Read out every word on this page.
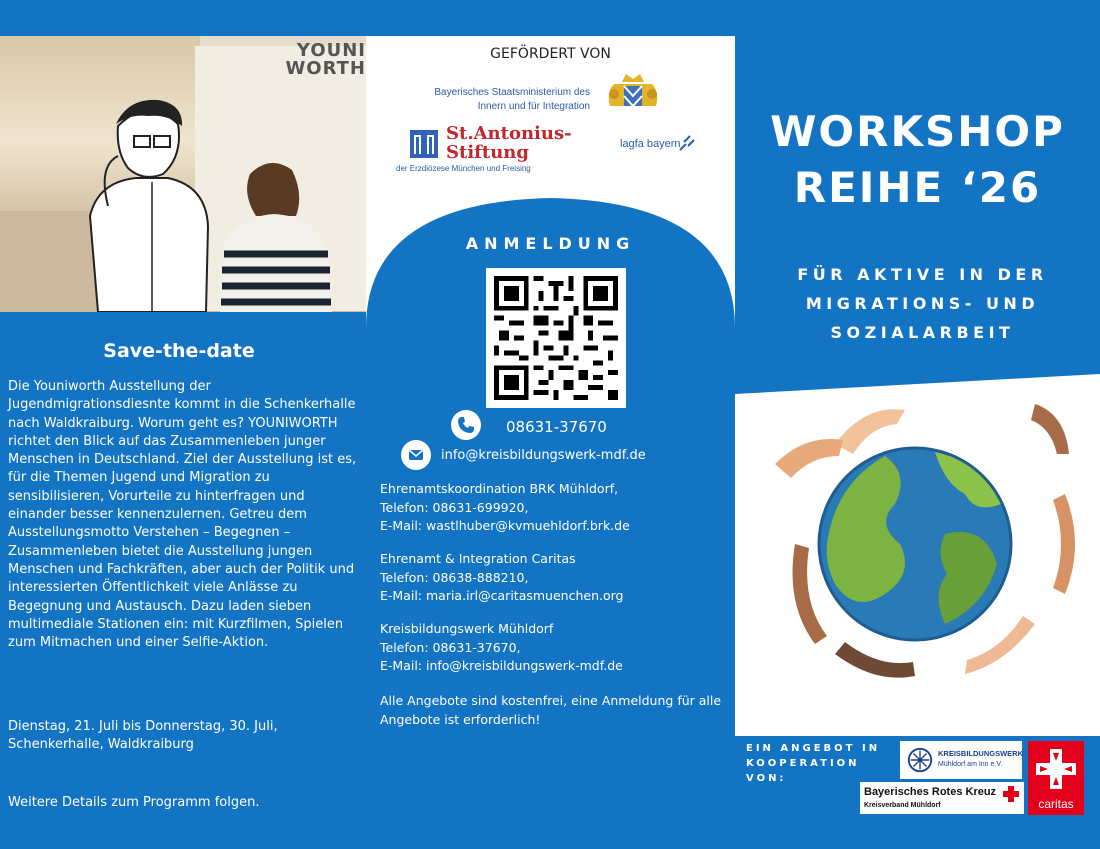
YOUNI WORTH
Save-the-date
Die Youniworth Ausstellung der Jugendmigrationsdiesnte kommt in die Schenkerhalle nach Waldkraiburg. Worum geht es? YOUNIWORTH richtet den Blick auf das Zusammenleben junger Menschen in Deutschland. Ziel der Ausstellung ist es, für die Themen Jugend und Migration zu sensibilisieren, Vorurteile zu hinterfragen und einander besser kennenzulernen. Getreu dem Ausstellungsmotto Verstehen – Begegnen – Zusammenleben bietet die Ausstellung jungen Menschen und Fachkräften, aber auch der Politik und interessierten Öffentlichkeit viele Anlässe zu Begegnung und Austausch. Dazu laden sieben multimediale Stationen ein: mit Kurzfilmen, Spielen zum Mitmachen und einer Selfie-Aktion.
Dienstag, 21. Juli bis Donnerstag, 30. Juli,
Schenkerhalle, Waldkraiburg
Weitere Details zum Programm folgen.
GEFÖRDERT VON
Bayerisches Staatsministerium des
Innern und für Integration
St.Antonius-
Stiftung
der Erzdiözese München und Freising
lagfa bayern
ANMELDUNG
08631-37670
info@kreisbildungswerk-mdf.de
Ehrenamtskoordination BRK Mühldorf,
Telefon: 08631-699920,
E-Mail: wastlhuber@kvmuehldorf.brk.de
Ehrenamt & Integration Caritas
Telefon: 08638-888210,
E-Mail: maria.irl@caritasmuenchen.org
Kreisbildungswerk Mühldorf
Telefon: 08631-37670,
E-Mail: info@kreisbildungswerk-mdf.de
Alle Angebote sind kostenfrei, eine Anmeldung für alle Angebote ist erforderlich!
WORKSHOP
REIHE ‘26
FÜR AKTIVE IN DER
MIGRATIONS- UND
SOZIALARBEIT
EIN ANGEBOT IN
KOOPERATION
VON:
KREISBILDUNGSWERK
Mühldorf am Inn e.V.
Bayerisches Rotes Kreuz
Kreisverband Mühldorf	caritas
